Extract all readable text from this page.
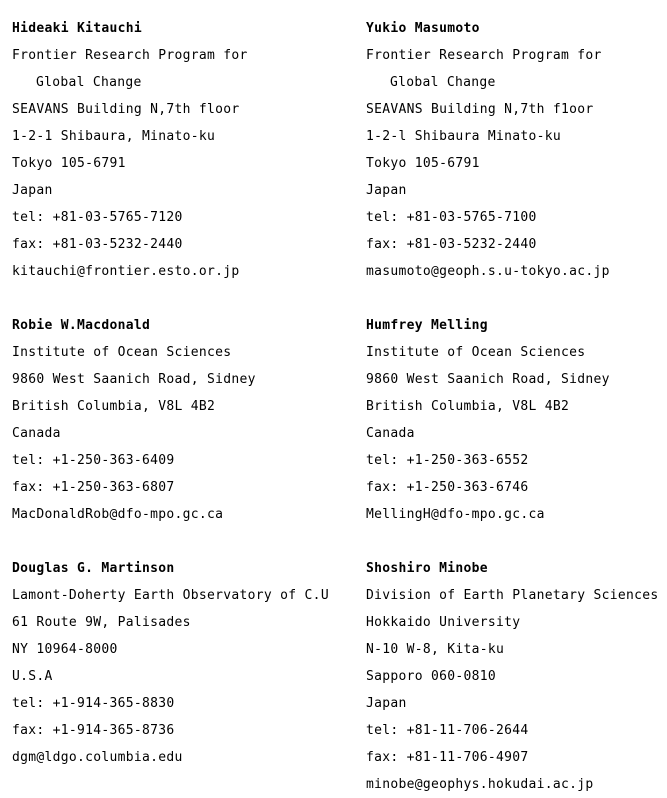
Hideaki Kitauchi
Frontier Research Program for
Global Change
SEAVANS Building N,7th floor
1-2-1 Shibaura, Minato-ku
Tokyo 105-6791
Japan
tel: +81-03-5765-7120
fax: +81-03-5232-2440
kitauchi@frontier.esto.or.jp
Yukio Masumoto
Frontier Research Program for
Global Change
SEAVANS Building N,7th f1oor
1-2-l Shibaura Minato-ku
Tokyo 105-6791
Japan
tel: +81-03-5765-7100
fax: +81-03-5232-2440
masumoto@geoph.s.u-tokyo.ac.jp
Robie W.Macdonald
Institute of Ocean Sciences
9860 West Saanich Road, Sidney
British Columbia, V8L 4B2
Canada
tel: +1-250-363-6409
fax: +1-250-363-6807
MacDonaldRob@dfo-mpo.gc.ca
Humfrey Melling
Institute of Ocean Sciences
9860 West Saanich Road, Sidney
British Columbia, V8L 4B2
Canada
tel: +1-250-363-6552
fax: +1-250-363-6746
MellingH@dfo-mpo.gc.ca
Douglas G. Martinson
Lamont-Doherty Earth Observatory of C.U
61 Route 9W, Palisades
NY 10964-8000
U.S.A
tel: +1-914-365-8830
fax: +1-914-365-8736
dgm@ldgo.columbia.edu
Shoshiro Minobe
Division of Earth Planetary Sciences
Hokkaido University
N-10 W-8, Kita-ku
Sapporo 060-0810
Japan
tel: +81-11-706-2644
fax: +81-11-706-4907
minobe@geophys.hokudai.ac.jp
